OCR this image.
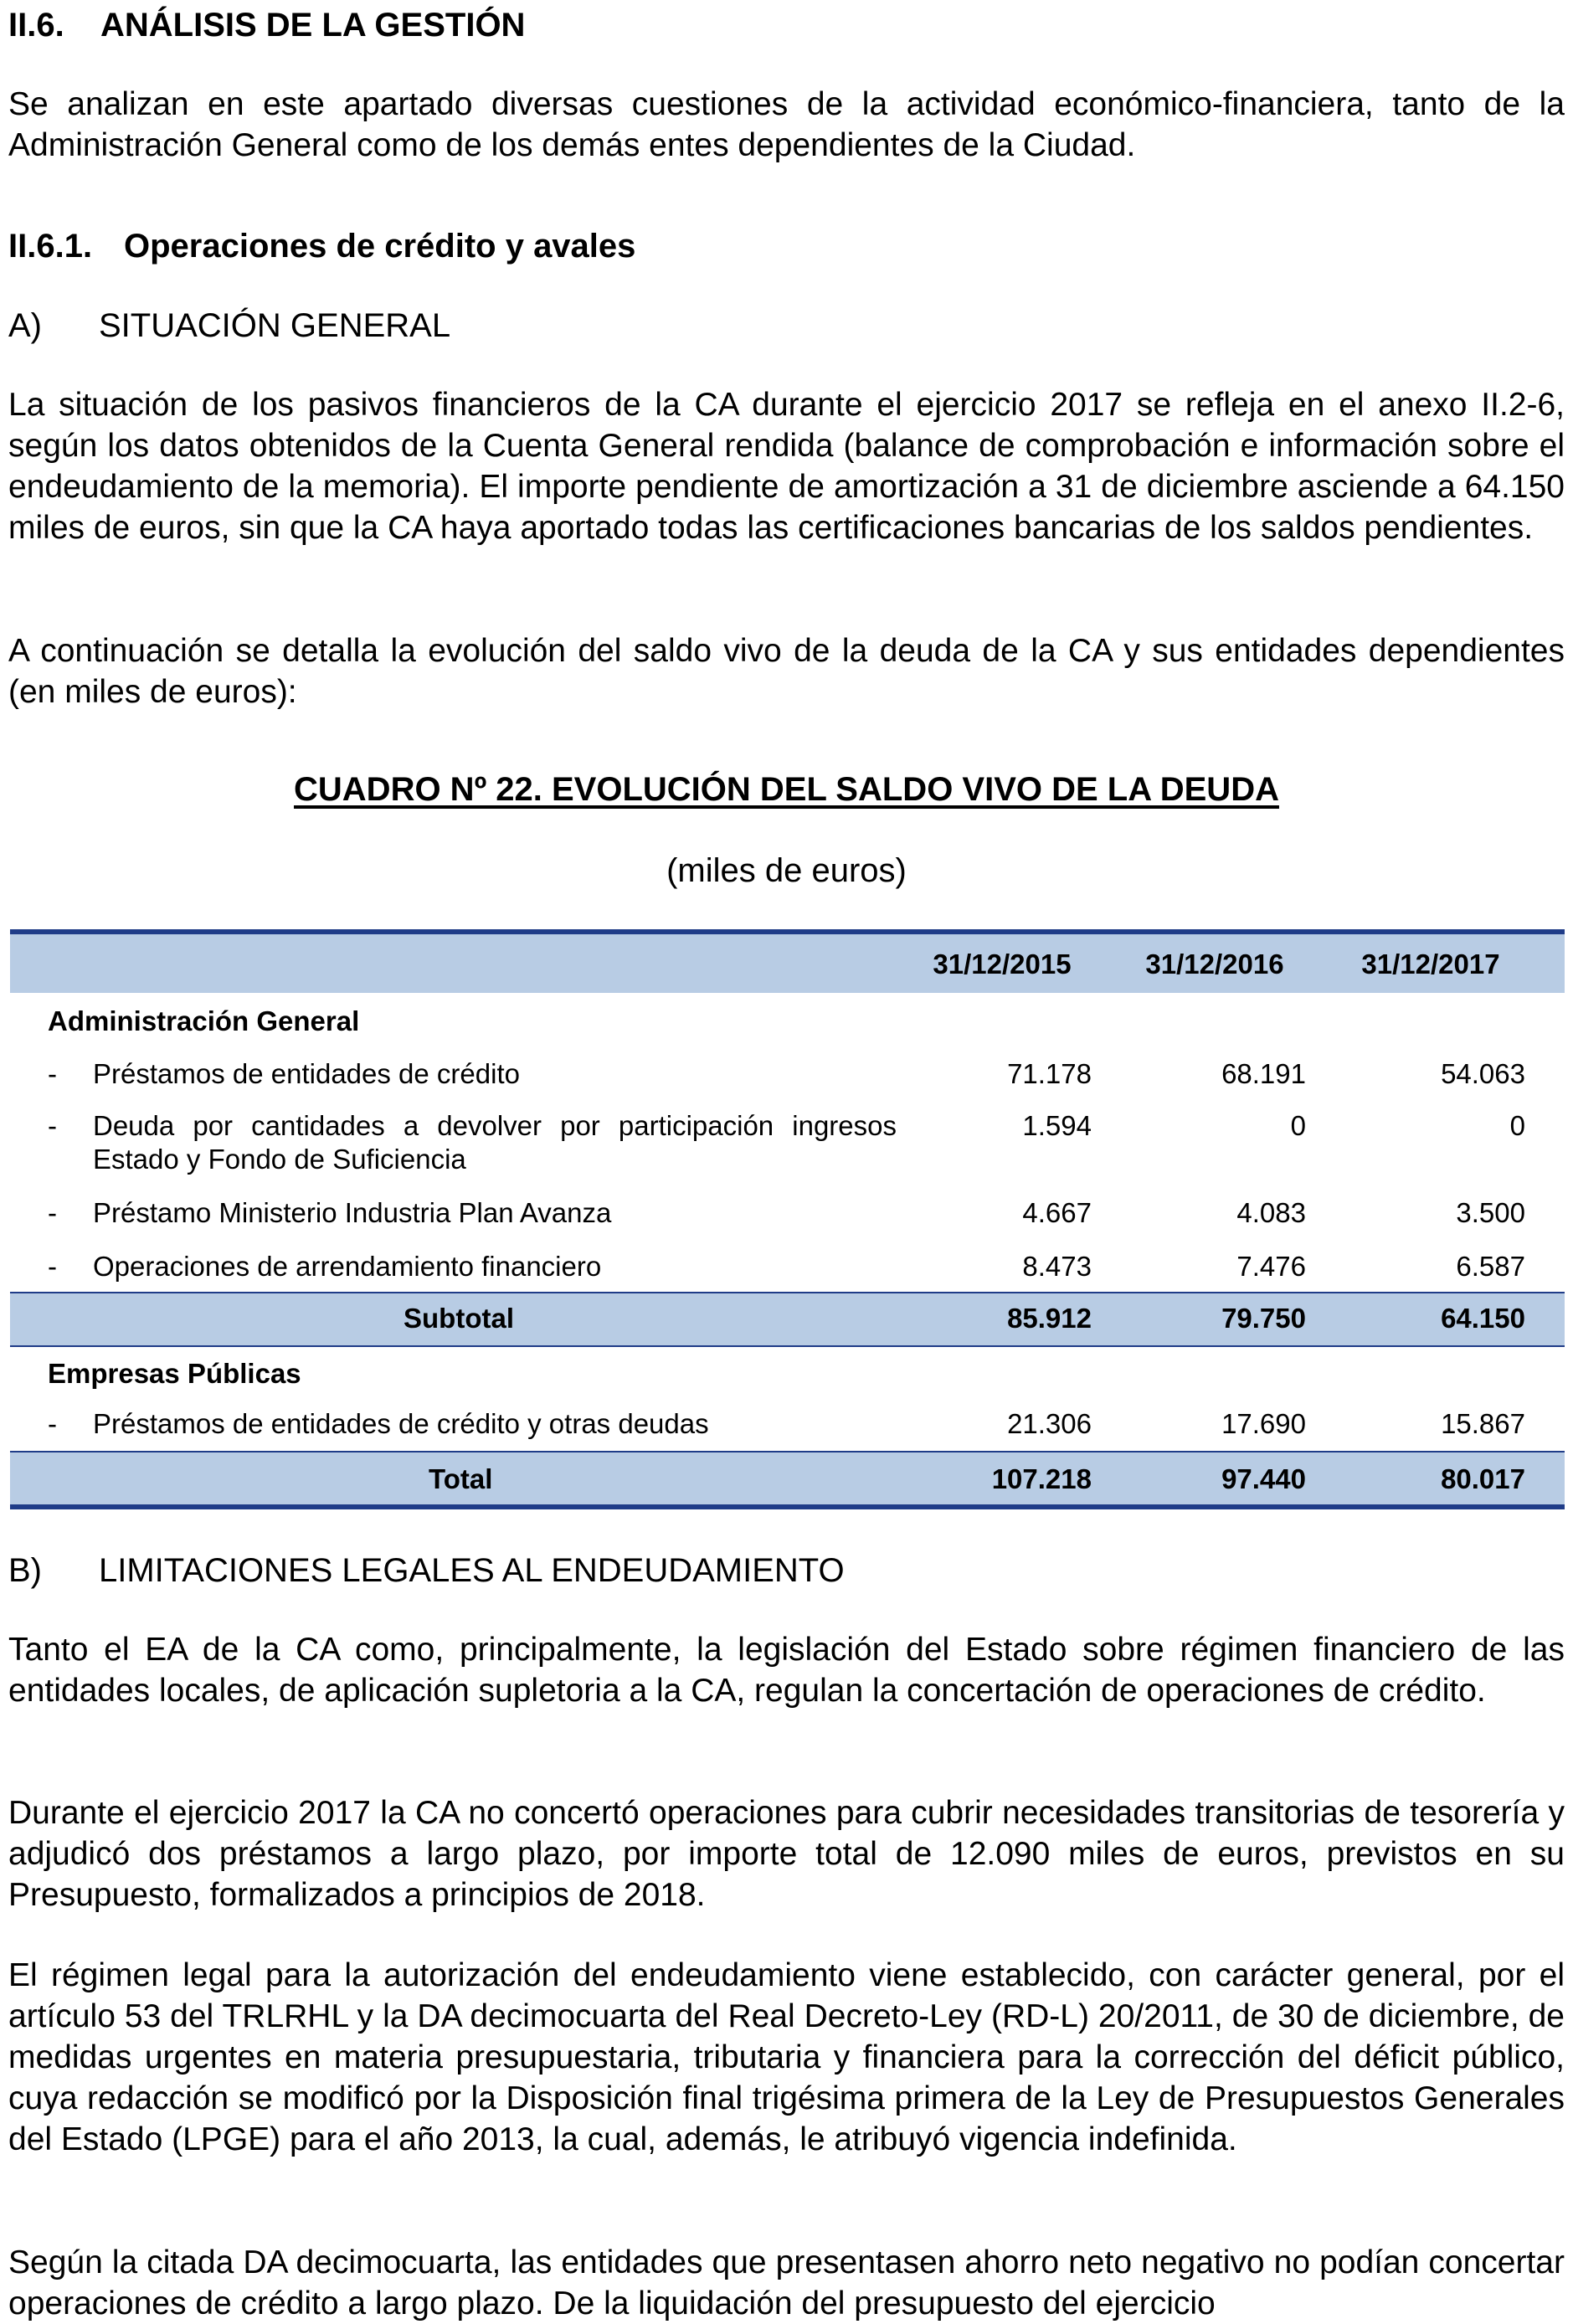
II.6. ANÁLISIS DE LA GESTIÓN

Se analizan en este apartado diversas cuestiones de la actividad económico-financiera, tanto de la Administración General como de los demás entes dependientes de la Ciudad.

II.6.1. Operaciones de crédito y avales
A) SITUACIÓN GENERAL

La situación de los pasivos financieros de la CA durante el ejercicio 2017 se refleja en el anexo II.2-6, según los datos obtenidos de la Cuenta General rendida (balance de comprobación e información sobre el endeudamiento de la memoria). El importe pendiente de amortización a 31 de diciembre asciende a 64.150 miles de euros, sin que la CA haya aportado todas las certificaciones bancarias de los saldos pendientes.

A continuación se detalla la evolución del saldo vivo de la deuda de la CA y sus entidades dependientes (en miles de euros):

CUADRO Nº 22. EVOLUCIÓN DEL SALDO VIVO DE LA DEUDA
(miles de euros)
31/12/2015	31/12/2016	31/12/2017
Administración General
- Préstamos de entidades de crédito	71.178	68.191	54.063
- Deuda por cantidades a devolver por participación ingresos Estado y Fondo de Suficiencia
1.594	0	0
- Préstamo Ministerio Industria Plan Avanza	4.667	4.083	3.500
- Operaciones de arrendamiento financiero	8.473	7.476	6.587
Subtotal	85.912	79.750	64.150
Empresas Públicas
- Préstamos de entidades de crédito y otras deudas	21.306	17.690	15.867
Total	107.218	97.440	80.017
B) LIMITACIONES LEGALES AL ENDEUDAMIENTO

Tanto el EA de la CA como, principalmente, la legislación del Estado sobre régimen financiero de las entidades locales, de aplicación supletoria a la CA, regulan la concertación de operaciones de crédito.

Durante el ejercicio 2017 la CA no concertó operaciones para cubrir necesidades transitorias de tesorería y adjudicó dos préstamos a largo plazo, por importe total de 12.090 miles de euros, previstos en su Presupuesto, formalizados a principios de 2018.

El régimen legal para la autorización del endeudamiento viene establecido, con carácter general, por el artículo 53 del TRLRHL y la DA decimocuarta del Real Decreto-Ley (RD-L) 20/2011, de 30 de diciembre, de medidas urgentes en materia presupuestaria, tributaria y financiera para la corrección del déficit público, cuya redacción se modificó por la Disposición final trigésima primera de la Ley de Presupuestos Generales del Estado (LPGE) para el año 2013, la cual, además, le atribuyó vigencia indefinida.

Según la citada DA decimocuarta, las entidades que presentasen ahorro neto negativo no podían concertar operaciones de crédito a largo plazo. De la liquidación del presupuesto del ejercicio
